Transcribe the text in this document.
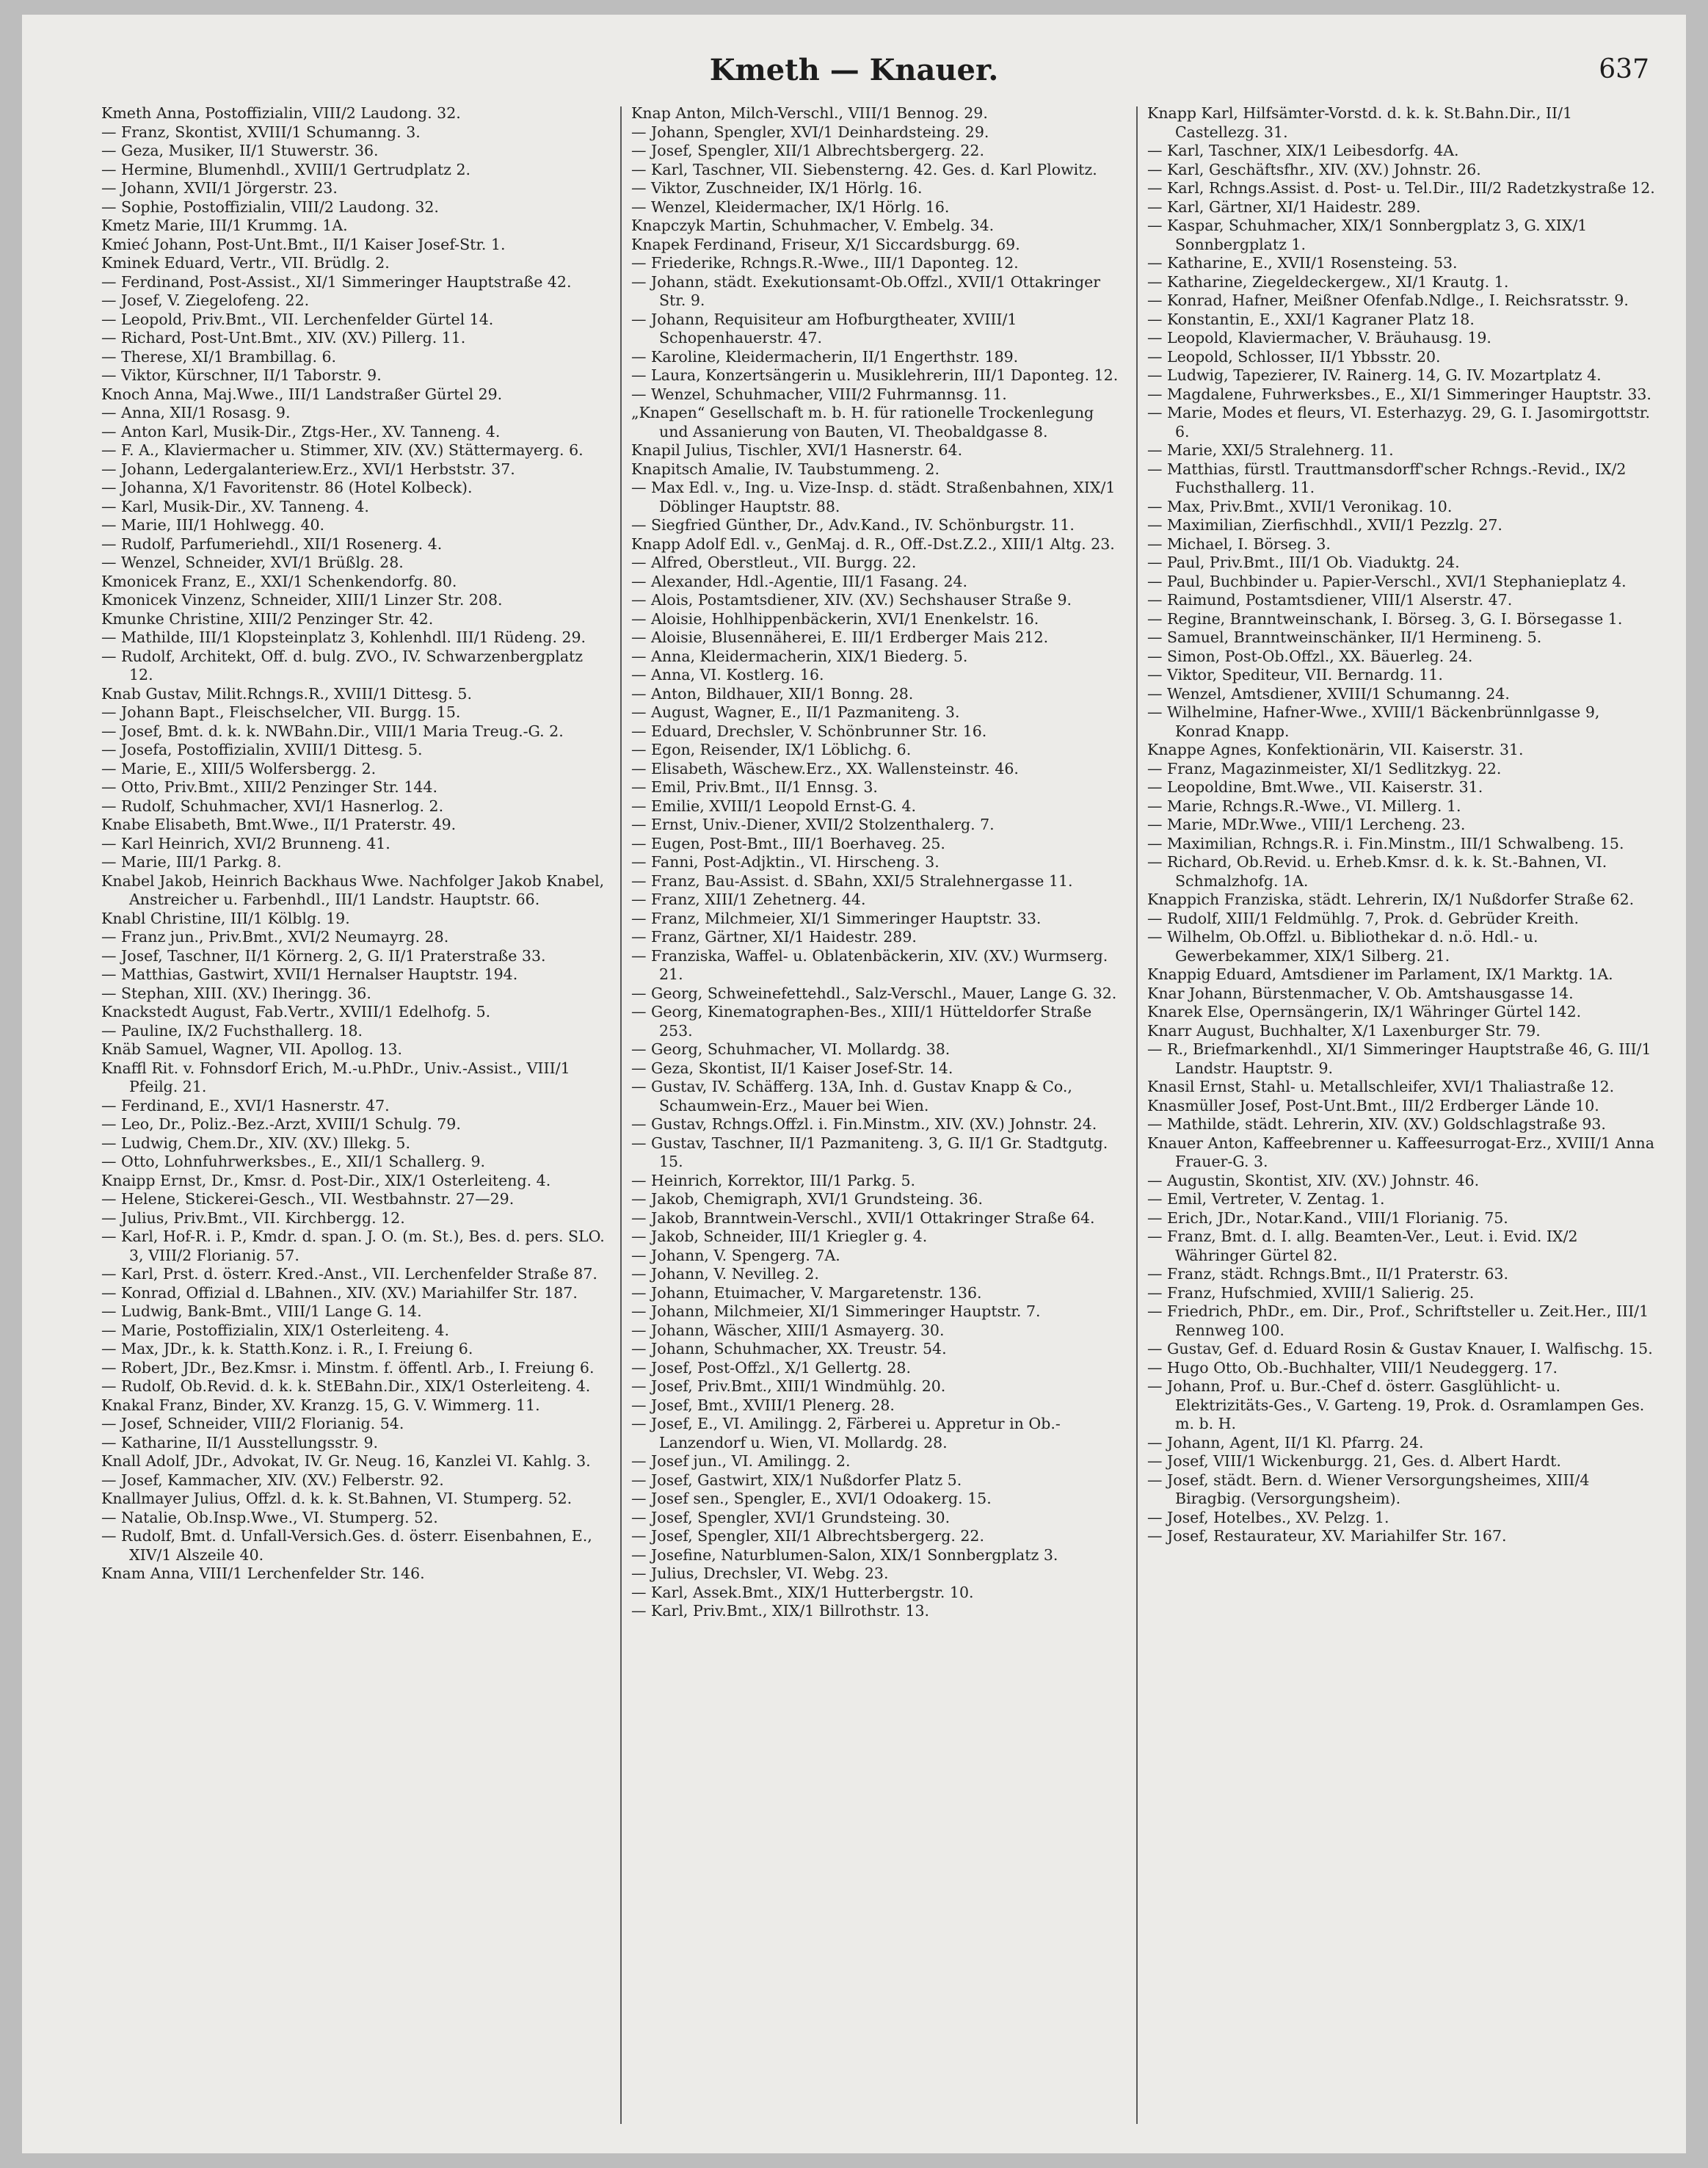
Kmeth — Knauer.	637
Kmeth Anna, Postoffizialin, VIII/2 Laudong. 32.
— Franz, Skontist, XVIII/1 Schumanng. 3.
— Geza, Musiker, II/1 Stuwerstr. 36.
— Hermine, Blumenhdl., XVIII/1 Gertrudplatz 2.
— Johann, XVII/1 Jörgerstr. 23.
— Sophie, Postoffizialin, VIII/2 Laudong. 32.
Kmetz Marie, III/1 Krummg. 1A.
Kmieć Johann, Post-Unt.Bmt., II/1 Kaiser Josef-Str. 1.
Kminek Eduard, Vertr., VII. Brüdlg. 2.
— Ferdinand, Post-Assist., XI/1 Simmeringer Hauptstraße 42.
— Josef, V. Ziegelofeng. 22.
— Leopold, Priv.Bmt., VII. Lerchenfelder Gürtel 14.
— Richard, Post-Unt.Bmt., XIV. (XV.) Pillerg. 11.
— Therese, XI/1 Brambillag. 6.
— Viktor, Kürschner, II/1 Taborstr. 9.
Knoch Anna, Maj.Wwe., III/1 Landstraßer Gürtel 29.
— Anna, XII/1 Rosasg. 9.
— Anton Karl, Musik-Dir., Ztgs-Her., XV. Tanneng. 4.
— F. A., Klaviermacher u. Stimmer, XIV. (XV.) Stättermayerg. 6.
— Johann, Ledergalanteriew.Erz., XVI/1 Herbststr. 37.
— Johanna, X/1 Favoritenstr. 86 (Hotel Kolbeck).
— Karl, Musik-Dir., XV. Tanneng. 4.
— Marie, III/1 Hohlwegg. 40.
— Rudolf, Parfumeriehdl., XII/1 Rosenerg. 4.
— Wenzel, Schneider, XVI/1 Brüßlg. 28.
Kmonicek Franz, E., XXI/1 Schenkendorfg. 80.
Kmonicek Vinzenz, Schneider, XIII/1 Linzer Str. 208.
Kmunke Christine, XIII/2 Penzinger Str. 42.
— Mathilde, III/1 Klopsteinplatz 3, Kohlenhdl. III/1 Rüdeng. 29.
— Rudolf, Architekt, Off. d. bulg. ZVO., IV. Schwarzenbergplatz 12.
Knab Gustav, Milit.Rchngs.R., XVIII/1 Dittesg. 5.
— Johann Bapt., Fleischselcher, VII. Burgg. 15.
— Josef, Bmt. d. k. k. NWBahn.Dir., VIII/1 Maria Treug.-G. 2.
— Josefa, Postoffizialin, XVIII/1 Dittesg. 5.
— Marie, E., XIII/5 Wolfersbergg. 2.
— Otto, Priv.Bmt., XIII/2 Penzinger Str. 144.
— Rudolf, Schuhmacher, XVI/1 Hasnerlog. 2.
Knabe Elisabeth, Bmt.Wwe., II/1 Praterstr. 49.
— Karl Heinrich, XVI/2 Brunneng. 41.
— Marie, III/1 Parkg. 8.
Knabel Jakob, Heinrich Backhaus Wwe. Nachfolger Jakob Knabel, Anstreicher u. Farbenhdl., III/1 Landstr. Hauptstr. 66.
Knabl Christine, III/1 Kölblg. 19.
— Franz jun., Priv.Bmt., XVI/2 Neumayrg. 28.
— Josef, Taschner, II/1 Körnerg. 2, G. II/1 Praterstraße 33.
— Matthias, Gastwirt, XVII/1 Hernalser Hauptstr. 194.
— Stephan, XIII. (XV.) Iheringg. 36.
Knackstedt August, Fab.Vertr., XVIII/1 Edelhofg. 5.
— Pauline, IX/2 Fuchsthallerg. 18.
Knäb Samuel, Wagner, VII. Apollog. 13.
Knaffl Rit. v. Fohnsdorf Erich, M.-u.PhDr., Univ.-Assist., VIII/1 Pfeilg. 21.
— Ferdinand, E., XVI/1 Hasnerstr. 47.
— Leo, Dr., Poliz.-Bez.-Arzt, XVIII/1 Schulg. 79.
— Ludwig, Chem.Dr., XIV. (XV.) Illekg. 5.
— Otto, Lohnfuhrwerksbes., E., XII/1 Schallerg. 9.
Knaipp Ernst, Dr., Kmsr. d. Post-Dir., XIX/1 Osterleiteng. 4.
— Helene, Stickerei-Gesch., VII. Westbahnstr. 27—29.
— Julius, Priv.Bmt., VII. Kirchbergg. 12.
— Karl, Hof-R. i. P., Kmdr. d. span. J. O. (m. St.), Bes. d. pers. SLO. 3, VIII/2 Florianig. 57.
— Karl, Prst. d. österr. Kred.-Anst., VII. Lerchenfelder Straße 87.
— Konrad, Offizial d. LBahnen., XIV. (XV.) Mariahilfer Str. 187.
— Ludwig, Bank-Bmt., VIII/1 Lange G. 14.
— Marie, Postoffizialin, XIX/1 Osterleiteng. 4.
— Max, JDr., k. k. Statth.Konz. i. R., I. Freiung 6.
— Robert, JDr., Bez.Kmsr. i. Minstm. f. öffentl. Arb., I. Freiung 6.
— Rudolf, Ob.Revid. d. k. k. StEBahn.Dir., XIX/1 Osterleiteng. 4.
Knakal Franz, Binder, XV. Kranzg. 15, G. V. Wimmerg. 11.
— Josef, Schneider, VIII/2 Florianig. 54.
— Katharine, II/1 Ausstellungsstr. 9.
Knall Adolf, JDr., Advokat, IV. Gr. Neug. 16, Kanzlei VI. Kahlg. 3.
— Josef, Kammacher, XIV. (XV.) Felberstr. 92.
Knallmayer Julius, Offzl. d. k. k. St.Bahnen, VI. Stumperg. 52.
— Natalie, Ob.Insp.Wwe., VI. Stumperg. 52.
— Rudolf, Bmt. d. Unfall-Versich.Ges. d. österr. Eisenbahnen, E., XIV/1 Alszeile 40.
Knam Anna, VIII/1 Lerchenfelder Str. 146.
Knap Anton, Milch-Verschl., VIII/1 Bennog. 29.
— Johann, Spengler, XVI/1 Deinhardsteing. 29.
— Josef, Spengler, XII/1 Albrechtsbergerg. 22.
— Karl, Taschner, VII. Siebensterng. 42. Ges. d. Karl Plowitz.
— Viktor, Zuschneider, IX/1 Hörlg. 16.
— Wenzel, Kleidermacher, IX/1 Hörlg. 16.
Knapczyk Martin, Schuhmacher, V. Embelg. 34.
Knapek Ferdinand, Friseur, X/1 Siccardsburgg. 69.
— Friederike, Rchngs.R.-Wwe., III/1 Daponteg. 12.
— Johann, städt. Exekutionsamt-Ob.Offzl., XVII/1 Ottakringer Str. 9.
— Johann, Requisiteur am Hofburgtheater, XVIII/1 Schopenhauerstr. 47.
— Karoline, Kleidermacherin, II/1 Engerthstr. 189.
— Laura, Konzertsängerin u. Musiklehrerin, III/1 Daponteg. 12.
— Wenzel, Schuhmacher, VIII/2 Fuhrmannsg. 11.
„Knapen“ Gesellschaft m. b. H. für rationelle Trockenlegung und Assanierung von Bauten, VI. Theobaldgasse 8.
Knapil Julius, Tischler, XVI/1 Hasnerstr. 64.
Knapitsch Amalie, IV. Taubstummeng. 2.
— Max Edl. v., Ing. u. Vize-Insp. d. städt. Straßenbahnen, XIX/1 Döblinger Hauptstr. 88.
— Siegfried Günther, Dr., Adv.Kand., IV. Schönburgstr. 11.
Knapp Adolf Edl. v., GenMaj. d. R., Off.-Dst.Z.2., XIII/1 Altg. 23.
— Alfred, Oberstleut., VII. Burgg. 22.
— Alexander, Hdl.-Agentie, III/1 Fasang. 24.
— Alois, Postamtsdiener, XIV. (XV.) Sechshauser Straße 9.
— Aloisie, Hohlhippenbäckerin, XVI/1 Enenkelstr. 16.
— Aloisie, Blusennäherei, E. III/1 Erdberger Mais 212.
— Anna, Kleidermacherin, XIX/1 Biederg. 5.
— Anna, VI. Kostlerg. 16.
— Anton, Bildhauer, XII/1 Bonng. 28.
— August, Wagner, E., II/1 Pazmaniteng. 3.
— Eduard, Drechsler, V. Schönbrunner Str. 16.
— Egon, Reisender, IX/1 Löblichg. 6.
— Elisabeth, Wäschew.Erz., XX. Wallensteinstr. 46.
— Emil, Priv.Bmt., II/1 Ennsg. 3.
— Emilie, XVIII/1 Leopold Ernst-G. 4.
— Ernst, Univ.-Diener, XVII/2 Stolzenthalerg. 7.
— Eugen, Post-Bmt., III/1 Boerhaveg. 25.
— Fanni, Post-Adjktin., VI. Hirscheng. 3.
— Franz, Bau-Assist. d. SBahn, XXI/5 Stralehnergasse 11.
— Franz, XIII/1 Zehetnerg. 44.
— Franz, Milchmeier, XI/1 Simmeringer Hauptstr. 33.
— Franz, Gärtner, XI/1 Haidestr. 289.
— Franziska, Waffel- u. Oblatenbäckerin, XIV. (XV.) Wurmserg. 21.
— Georg, Schweinefettehdl., Salz-Verschl., Mauer, Lange G. 32.
— Georg, Kinematographen-Bes., XIII/1 Hütteldorfer Straße 253.
— Georg, Schuhmacher, VI. Mollardg. 38.
— Geza, Skontist, II/1 Kaiser Josef-Str. 14.
— Gustav, IV. Schäfferg. 13A, Inh. d. Gustav Knapp & Co., Schaumwein-Erz., Mauer bei Wien.
— Gustav, Rchngs.Offzl. i. Fin.Minstm., XIV. (XV.) Johnstr. 24.
— Gustav, Taschner, II/1 Pazmaniteng. 3, G. II/1 Gr. Stadtgutg. 15.
— Heinrich, Korrektor, III/1 Parkg. 5.
— Jakob, Chemigraph, XVI/1 Grundsteing. 36.
— Jakob, Branntwein-Verschl., XVII/1 Ottakringer Straße 64.
— Jakob, Schneider, III/1 Kriegler g. 4.
— Johann, V. Spengerg. 7A.
— Johann, V. Nevilleg. 2.
— Johann, Etuimacher, V. Margaretenstr. 136.
— Johann, Milchmeier, XI/1 Simmeringer Hauptstr. 7.
— Johann, Wäscher, XIII/1 Asmayerg. 30.
— Johann, Schuhmacher, XX. Treustr. 54.
— Josef, Post-Offzl., X/1 Gellertg. 28.
— Josef, Priv.Bmt., XIII/1 Windmühlg. 20.
— Josef, Bmt., XVIII/1 Plenerg. 28.
— Josef, E., VI. Amilingg. 2, Färberei u. Appretur in Ob.-Lanzendorf u. Wien, VI. Mollardg. 28.
— Josef jun., VI. Amilingg. 2.
— Josef, Gastwirt, XIX/1 Nußdorfer Platz 5.
— Josef sen., Spengler, E., XVI/1 Odoakerg. 15.
— Josef, Spengler, XVI/1 Grundsteing. 30.
— Josef, Spengler, XII/1 Albrechtsbergerg. 22.
— Josefine, Naturblumen-Salon, XIX/1 Sonnbergplatz 3.
— Julius, Drechsler, VI. Webg. 23.
— Karl, Assek.Bmt., XIX/1 Hutterbergstr. 10.
— Karl, Priv.Bmt., XIX/1 Billrothstr. 13.
Knapp Karl, Hilfsämter-Vorstd. d. k. k. St.Bahn.Dir., II/1 Castellezg. 31.
— Karl, Taschner, XIX/1 Leibesdorfg. 4A.
— Karl, Geschäftsfhr., XIV. (XV.) Johnstr. 26.
— Karl, Rchngs.Assist. d. Post- u. Tel.Dir., III/2 Radetzkystraße 12.
— Karl, Gärtner, XI/1 Haidestr. 289.
— Kaspar, Schuhmacher, XIX/1 Sonnbergplatz 3, G. XIX/1 Sonnbergplatz 1.
— Katharine, E., XVII/1 Rosensteing. 53.
— Katharine, Ziegeldeckergew., XI/1 Krautg. 1.
— Konrad, Hafner, Meißner Ofenfab.Ndlge., I. Reichsratsstr. 9.
— Konstantin, E., XXI/1 Kagraner Platz 18.
— Leopold, Klaviermacher, V. Bräuhausg. 19.
— Leopold, Schlosser, II/1 Ybbsstr. 20.
— Ludwig, Tapezierer, IV. Rainerg. 14, G. IV. Mozartplatz 4.
— Magdalene, Fuhrwerksbes., E., XI/1 Simmeringer Hauptstr. 33.
— Marie, Modes et fleurs, VI. Esterhazyg. 29, G. I. Jasomirgottstr. 6.
— Marie, XXI/5 Stralehnerg. 11.
— Matthias, fürstl. Trauttmansdorff'scher Rchngs.-Revid., IX/2 Fuchsthallerg. 11.
— Max, Priv.Bmt., XVII/1 Veronikag. 10.
— Maximilian, Zierfischhdl., XVII/1 Pezzlg. 27.
— Michael, I. Börseg. 3.
— Paul, Priv.Bmt., III/1 Ob. Viaduktg. 24.
— Paul, Buchbinder u. Papier-Verschl., XVI/1 Stephanieplatz 4.
— Raimund, Postamtsdiener, VIII/1 Alserstr. 47.
— Regine, Branntweinschank, I. Börseg. 3, G. I. Börsegasse 1.
— Samuel, Branntweinschänker, II/1 Hermineng. 5.
— Simon, Post-Ob.Offzl., XX. Bäuerleg. 24.
— Viktor, Spediteur, VII. Bernardg. 11.
— Wenzel, Amtsdiener, XVIII/1 Schumanng. 24.
— Wilhelmine, Hafner-Wwe., XVIII/1 Bäckenbrünnlgasse 9, Konrad Knapp.
Knappe Agnes, Konfektionärin, VII. Kaiserstr. 31.
— Franz, Magazinmeister, XI/1 Sedlitzkyg. 22.
— Leopoldine, Bmt.Wwe., VII. Kaiserstr. 31.
— Marie, Rchngs.R.-Wwe., VI. Millerg. 1.
— Marie, MDr.Wwe., VIII/1 Lercheng. 23.
— Maximilian, Rchngs.R. i. Fin.Minstm., III/1 Schwalbeng. 15.
— Richard, Ob.Revid. u. Erheb.Kmsr. d. k. k. St.-Bahnen, VI. Schmalzhofg. 1A.
Knappich Franziska, städt. Lehrerin, IX/1 Nußdorfer Straße 62.
— Rudolf, XIII/1 Feldmühlg. 7, Prok. d. Gebrüder Kreith.
— Wilhelm, Ob.Offzl. u. Bibliothekar d. n.ö. Hdl.- u. Gewerbekammer, XIX/1 Silberg. 21.
Knappig Eduard, Amtsdiener im Parlament, IX/1 Marktg. 1A.
Knar Johann, Bürstenmacher, V. Ob. Amtshausgasse 14.
Knarek Else, Opernsängerin, IX/1 Währinger Gürtel 142.
Knarr August, Buchhalter, X/1 Laxenburger Str. 79.
— R., Briefmarkenhdl., XI/1 Simmeringer Hauptstraße 46, G. III/1 Landstr. Hauptstr. 9.
Knasil Ernst, Stahl- u. Metallschleifer, XVI/1 Thaliastraße 12.
Knasmüller Josef, Post-Unt.Bmt., III/2 Erdberger Lände 10.
— Mathilde, städt. Lehrerin, XIV. (XV.) Goldschlagstraße 93.
Knauer Anton, Kaffeebrenner u. Kaffeesurrogat-Erz., XVIII/1 Anna Frauer-G. 3.
— Augustin, Skontist, XIV. (XV.) Johnstr. 46.
— Emil, Vertreter, V. Zentag. 1.
— Erich, JDr., Notar.Kand., VIII/1 Florianig. 75.
— Franz, Bmt. d. I. allg. Beamten-Ver., Leut. i. Evid. IX/2 Währinger Gürtel 82.
— Franz, städt. Rchngs.Bmt., II/1 Praterstr. 63.
— Franz, Hufschmied, XVIII/1 Salierig. 25.
— Friedrich, PhDr., em. Dir., Prof., Schriftsteller u. Zeit.Her., III/1 Rennweg 100.
— Gustav, Gef. d. Eduard Rosin & Gustav Knauer, I. Walfischg. 15.
— Hugo Otto, Ob.-Buchhalter, VIII/1 Neudeggerg. 17.
— Johann, Prof. u. Bur.-Chef d. österr. Gasglühlicht- u. Elektrizitäts-Ges., V. Garteng. 19, Prok. d. Osramlampen Ges. m. b. H.
— Johann, Agent, II/1 Kl. Pfarrg. 24.
— Josef, VIII/1 Wickenburgg. 21, Ges. d. Albert Hardt.
— Josef, städt. Bern. d. Wiener Versorgungsheimes, XIII/4 Biragbig. (Versorgungsheim).
— Josef, Hotelbes., XV. Pelzg. 1.
— Josef, Restaurateur, XV. Mariahilfer Str. 167.
